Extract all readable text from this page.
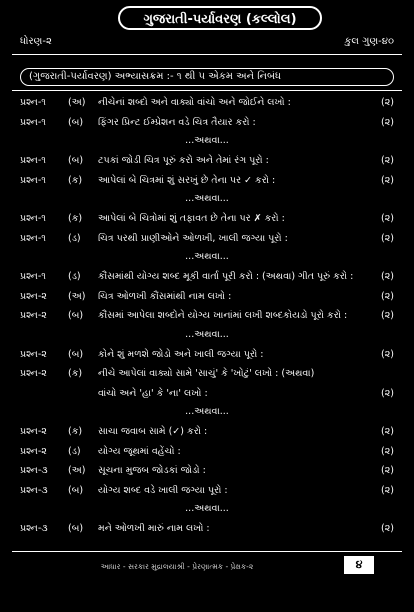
ગુજરાતી-પર્યાવરણ (કલ્લોલ)
ધોરણ-૨	કુલ ગુણ-૪૦
(ગુજરાતી-પર્યાવરણ) અભ્યાસક્રમ :- ૧ થી ૫ એકમ અને નિબંધ
પ્રશ્ન-૧	(અ) નીચેનાં શબ્દો અને વાક્યો વાંચો અને જોઈને લખો :	(૨)
પ્રશ્ન-૧	(બ)	ફિંગર પ્રિન્ટ ઈમ્પ્રેશન વડે ચિત્ર તૈયાર કરો :	(૨)
...અથવા...
પ્રશ્ન-૧	(બ)	ટપકાં જોડી ચિત્ર પૂરું કરો અને તેમાં રંગ પૂરો :	(૨)
પ્રશ્ન-૧	(ક)	આપેલાં બે ચિત્રમાં શું સરખું છે તેના પર ✓ કરો :	(૨)
...અથવા...
પ્રશ્ન-૧	(ક)	આપેલાં બે ચિત્રોમાં શું તફાવત છે તેના પર ✗ કરો :	(૨)
પ્રશ્ન-૧	(ડ)	ચિત્ર પરથી પ્રાણીઓને ઓળખી, ખાલી જગ્યા પૂરો :	(૨)
...અથવા...
પ્રશ્ન-૧	(ડ)	કૌંસમાંથી યોગ્ય શબ્દ મૂકી વાર્તા પૂરી કરો : (અથવા) ગીત પૂરું કરો :	(૨)
પ્રશ્ન-૨	(અ) ચિત્ર ઓળખી કૌંસમાંથી નામ લખો :	(૨)
પ્રશ્ન-૨	(બ)	કૌંસમાં આપેલા શબ્દોને યોગ્ય ખાનાંમાં લખી શબ્દકોયડો પૂરો કરો :	(૨)
...અથવા...
પ્રશ્ન-૨	(બ)	કોને શું મળશે જોડો અને ખાલી જગ્યા પૂરો :	(૨)
પ્રશ્ન-૨	(ક)	નીચે આપેલાં વાક્યો સામે 'સાચું' કે 'ખોટું' લખો : (અથવા)
વાંચો અને 'હા' કે 'ના' લખો :	(૨)
...અથવા...
પ્રશ્ન-૨	(ક)	સાચા જવાબ સામે (✓) કરો :	(૨)
પ્રશ્ન-૨	(ડ)	યોગ્ય જૂથમાં વહેંચો :	(૨)
પ્રશ્ન-૩	(અ) સૂચના મુજબ જોડકાં જોડો :	(૨)
પ્રશ્ન-૩	(બ)	યોગ્ય શબ્દ વડે ખાલી જગ્યા પૂરો :	(૨)
...અથવા...
પ્રશ્ન-૩	(બ)	મને ઓળખી મારું નામ લખો :	(૨)
આધાર - સરકાર મુદ્રાલયાશ્રી - પ્રેરણાત્મક - પ્રેક્ષક-૨	૪
